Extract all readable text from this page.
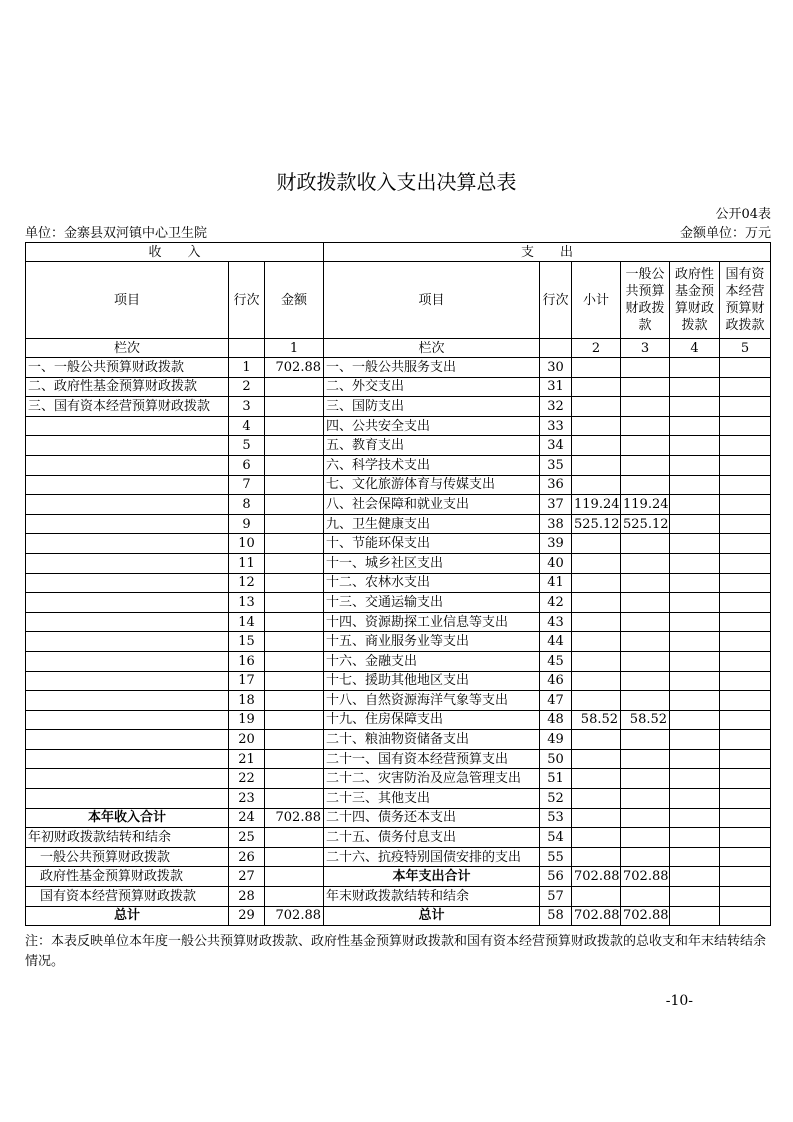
财政拨款收入支出决算总表
公开04表
单位：金寨县双河镇中心卫生院	金额单位：万元
收　　入			支　　出					
项目	行次	金额	项目	行次	小计	一般公共预算财政拨款	政府性基金预算财政拨款	国有资本经营预算财政拨款
栏次		1	栏次		2	3	4	5
一、一般公共预算财政拨款	1	702.88	一、一般公共服务支出	30				
二、政府性基金预算财政拨款	2		二、外交支出	31				
三、国有资本经营预算财政拨款	3		三、国防支出	32				
	4		四、公共安全支出	33				
	5		五、教育支出	34				
	6		六、科学技术支出	35				
	7		七、文化旅游体育与传媒支出	36				
	8		八、社会保障和就业支出	37	119.24	119.24		
	9		九、卫生健康支出	38	525.12	525.12		
	10		十、节能环保支出	39				
	11		十一、城乡社区支出	40				
	12		十二、农林水支出	41				
	13		十三、交通运输支出	42				
	14		十四、资源勘探工业信息等支出	43				
	15		十五、商业服务业等支出	44				
	16		十六、金融支出	45				
	17		十七、援助其他地区支出	46				
	18		十八、自然资源海洋气象等支出	47				
	19		十九、住房保障支出	48	58.52	58.52		
	20		二十、粮油物资储备支出	49				
	21		二十一、国有资本经营预算支出	50				
	22		二十二、灾害防治及应急管理支出	51				
	23		二十三、其他支出	52				
本年收入合计	24	702.88	二十四、债务还本支出	53				
年初财政拨款结转和结余	25		二十五、债务付息支出	54				
一般公共预算财政拨款	26		二十六、抗疫特别国债安排的支出	55				
政府性基金预算财政拨款	27		本年支出合计	56	702.88	702.88		
国有资本经营预算财政拨款	28		年末财政拨款结转和结余	57				
总计	29	702.88	总计	58	702.88	702.88		
注：本表反映单位本年度一般公共预算财政拨款、政府性基金预算财政拨款和国有资本经营预算财政拨款的总收支和年末结转结余情况。
-10-
